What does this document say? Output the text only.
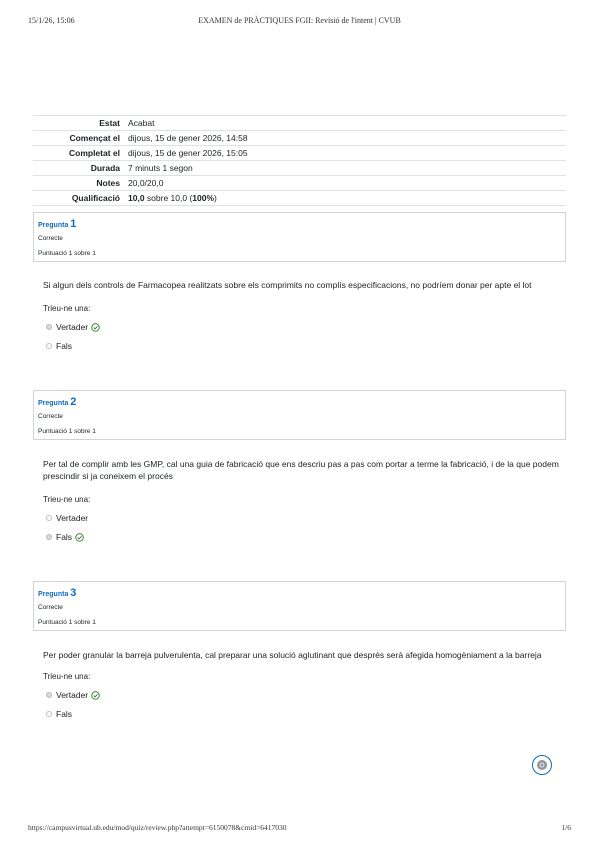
15/1/26, 15:06	EXAMEN de PRÀCTIQUES FGII: Revisió de l'intent | CVUB
Estat	Acabat
Començat el	dijous, 15 de gener 2026, 14:58
Completat el	dijous, 15 de gener 2026, 15:05
Durada	7 minuts 1 segon
Notes	20,0/20,0
Qualificació	10,0 sobre 10,0 (100%)
Pregunta 1
Correcte
Puntuació 1 sobre 1
Si algun dels controls de Farmacopea realitzats sobre els comprimits no complís especificacions, no podríem donar per apte el lot
Trieu-ne una:
Vertader
Fals
Pregunta 2
Correcte
Puntuació 1 sobre 1
Per tal de complir amb les GMP, cal una guia de fabricació que ens descriu pas a pas com portar a terme la fabricació, i de la que podem prescindir si ja coneixem el procés
Trieu-ne una:
Vertader
Fals
Pregunta 3
Correcte
Puntuació 1 sobre 1
Per poder granular la barreja pulverulenta, cal preparar una solució aglutinant que després serà afegida homogèniament a la barreja
Trieu-ne una:
Vertader
Fals
https://campusvirtual.ub.edu/mod/quiz/review.php?attempt=6150078&cmid=6417030	1/6
